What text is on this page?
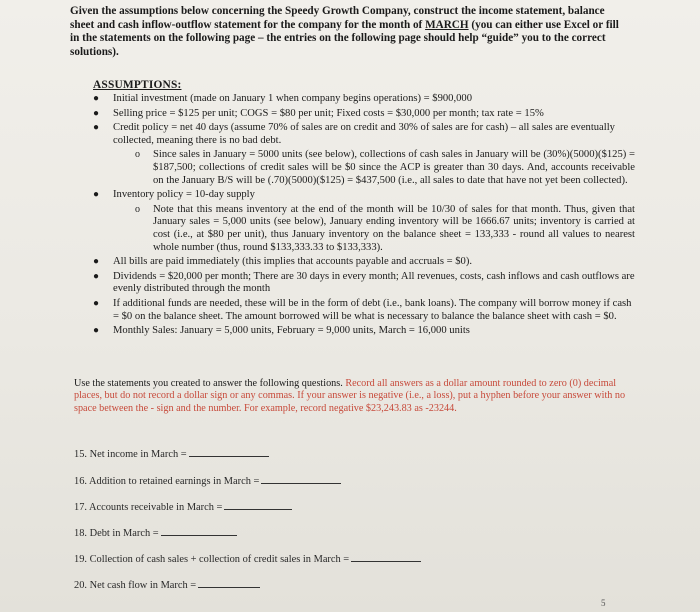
Given the assumptions below concerning the Speedy Growth Company, construct the income statement, balance sheet and cash inflow-outflow statement for the company for the month of MARCH (you can either use Excel or fill in the statements on the following page – the entries on the following page should help “guide” you to the correct solutions).
ASSUMPTIONS:
● Initial investment (made on January 1 when company begins operations) = $900,000
● Selling price = $125 per unit; COGS = $80 per unit; Fixed costs = $30,000 per month; tax rate = 15%
● Credit policy = net 40 days (assume 70% of sales are on credit and 30% of sales are for cash) – all sales are eventually collected, meaning there is no bad debt.
o Since sales in January = 5000 units (see below), collections of cash sales in January will be (30%)(5000)($125) = $187,500; collections of credit sales will be $0 since the ACP is greater than 30 days. And, accounts receivable on the January B/S will be (.70)(5000)($125) = $437,500 (i.e., all sales to date that have not yet been collected).
● Inventory policy = 10-day supply
o Note that this means inventory at the end of the month will be 10/30 of sales for that month. Thus, given that January sales = 5,000 units (see below), January ending inventory will be 1666.67 units; inventory is carried at cost (i.e., at $80 per unit), thus January inventory on the balance sheet = 133,333 - round all values to nearest whole number (thus, round $133,333.33 to $133,333).
● All bills are paid immediately (this implies that accounts payable and accruals = $0).
● Dividends = $20,000 per month; There are 30 days in every month; All revenues, costs, cash inflows and cash outflows are evenly distributed through the month
● If additional funds are needed, these will be in the form of debt (i.e., bank loans). The company will borrow money if cash = $0 on the balance sheet. The amount borrowed will be what is necessary to balance the balance sheet with cash = $0.
● Monthly Sales: January = 5,000 units, February = 9,000 units, March = 16,000 units
Use the statements you created to answer the following questions. Record all answers as a dollar amount rounded to zero (0) decimal places, but do not record a dollar sign or any commas. If your answer is negative (i.e., a loss), put a hyphen before your answer with no space between the - sign and the number. For example, record negative $23,243.83 as -23244.
15. Net income in March =
16. Addition to retained earnings in March =
17. Accounts receivable in March =
18. Debt in March =
19. Collection of cash sales + collection of credit sales in March =
20. Net cash flow in March =
5
